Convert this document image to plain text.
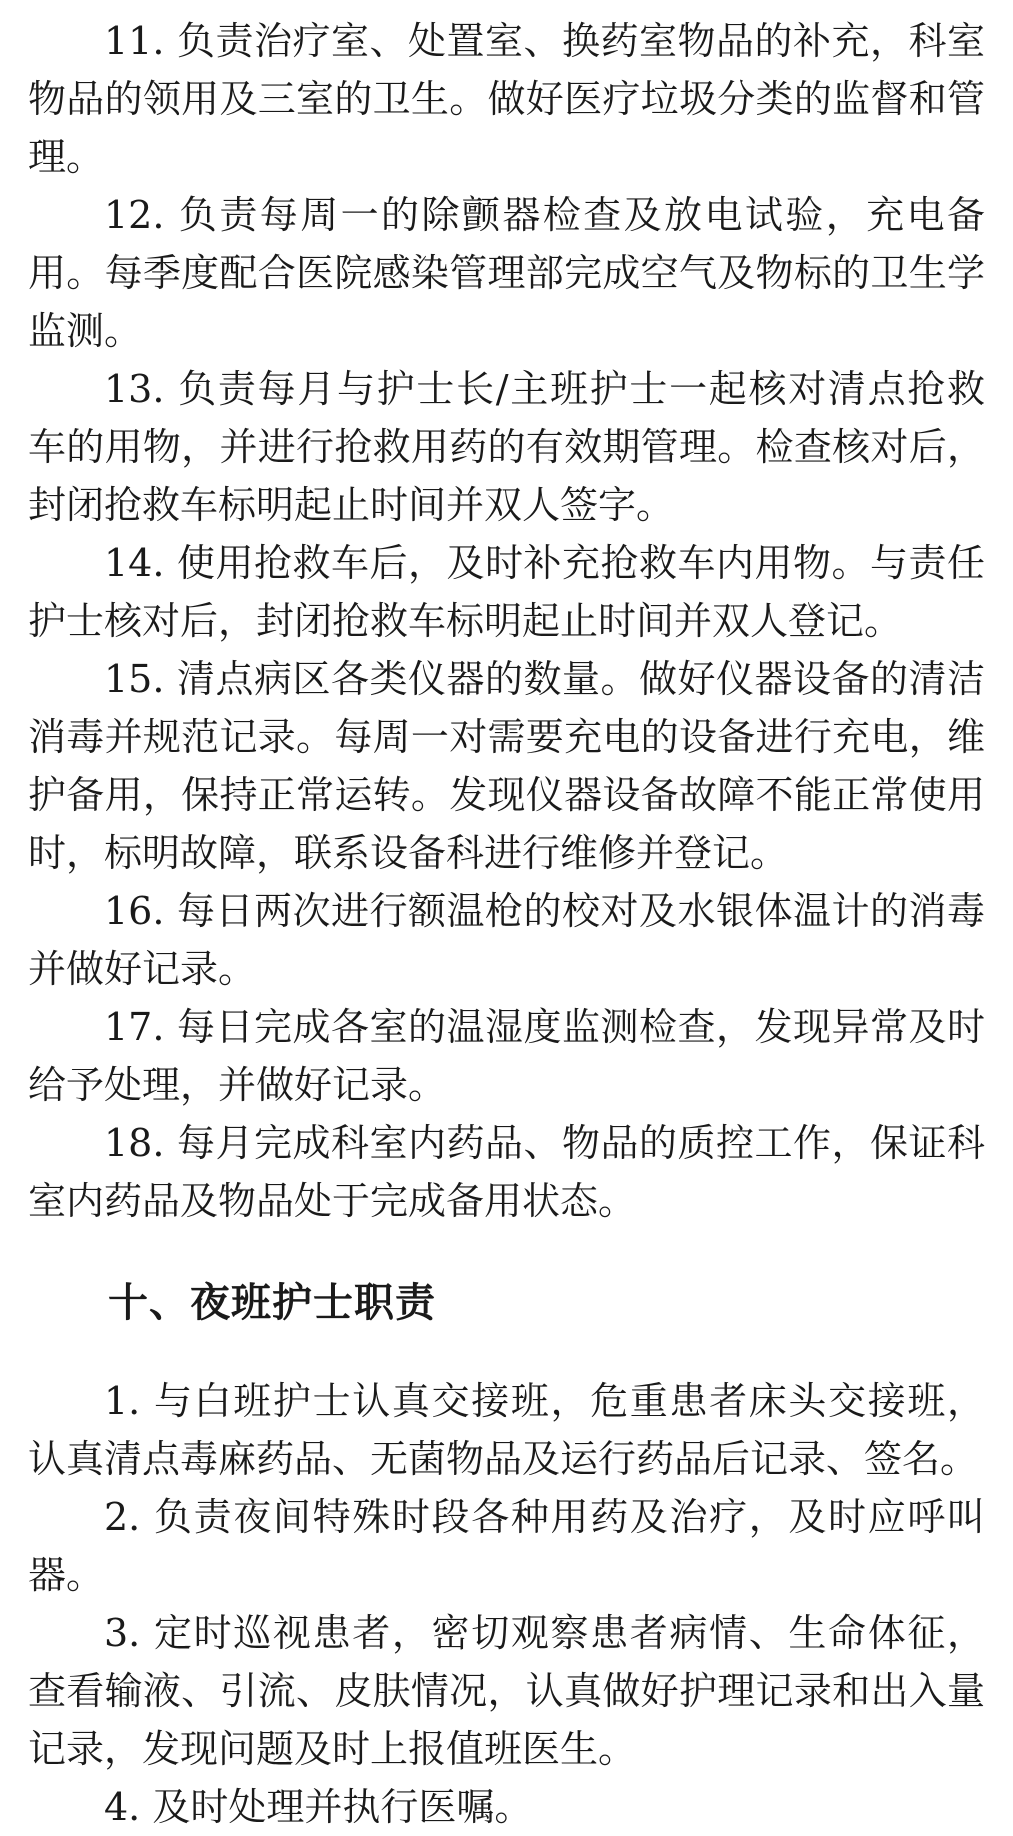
11. 负责治疗室、处置室、换药室物品的补充，科室物品的领用及三室的卫生。做好医疗垃圾分类的监督和管理。

12. 负责每周一的除颤器检查及放电试验，充电备用。每季度配合医院感染管理部完成空气及物标的卫生学监测。

13. 负责每月与护士长/主班护士一起核对清点抢救车的用物，并进行抢救用药的有效期管理。检查核对后，封闭抢救车标明起止时间并双人签字。

14. 使用抢救车后，及时补充抢救车内用物。与责任护士核对后，封闭抢救车标明起止时间并双人登记。

15. 清点病区各类仪器的数量。做好仪器设备的清洁消毒并规范记录。每周一对需要充电的设备进行充电，维护备用，保持正常运转。发现仪器设备故障不能正常使用时，标明故障，联系设备科进行维修并登记。

16. 每日两次进行额温枪的校对及水银体温计的消毒并做好记录。

17. 每日完成各室的温湿度监测检查，发现异常及时给予处理，并做好记录。

18. 每月完成科室内药品、物品的质控工作，保证科室内药品及物品处于完成备用状态。

十、夜班护士职责

1. 与白班护士认真交接班，危重患者床头交接班，认真清点毒麻药品、无菌物品及运行药品后记录、签名。

2. 负责夜间特殊时段各种用药及治疗，及时应呼叫器。

3. 定时巡视患者，密切观察患者病情、生命体征，查看输液、引流、皮肤情况，认真做好护理记录和出入量记录，发现问题及时上报值班医生。

4. 及时处理并执行医嘱。
